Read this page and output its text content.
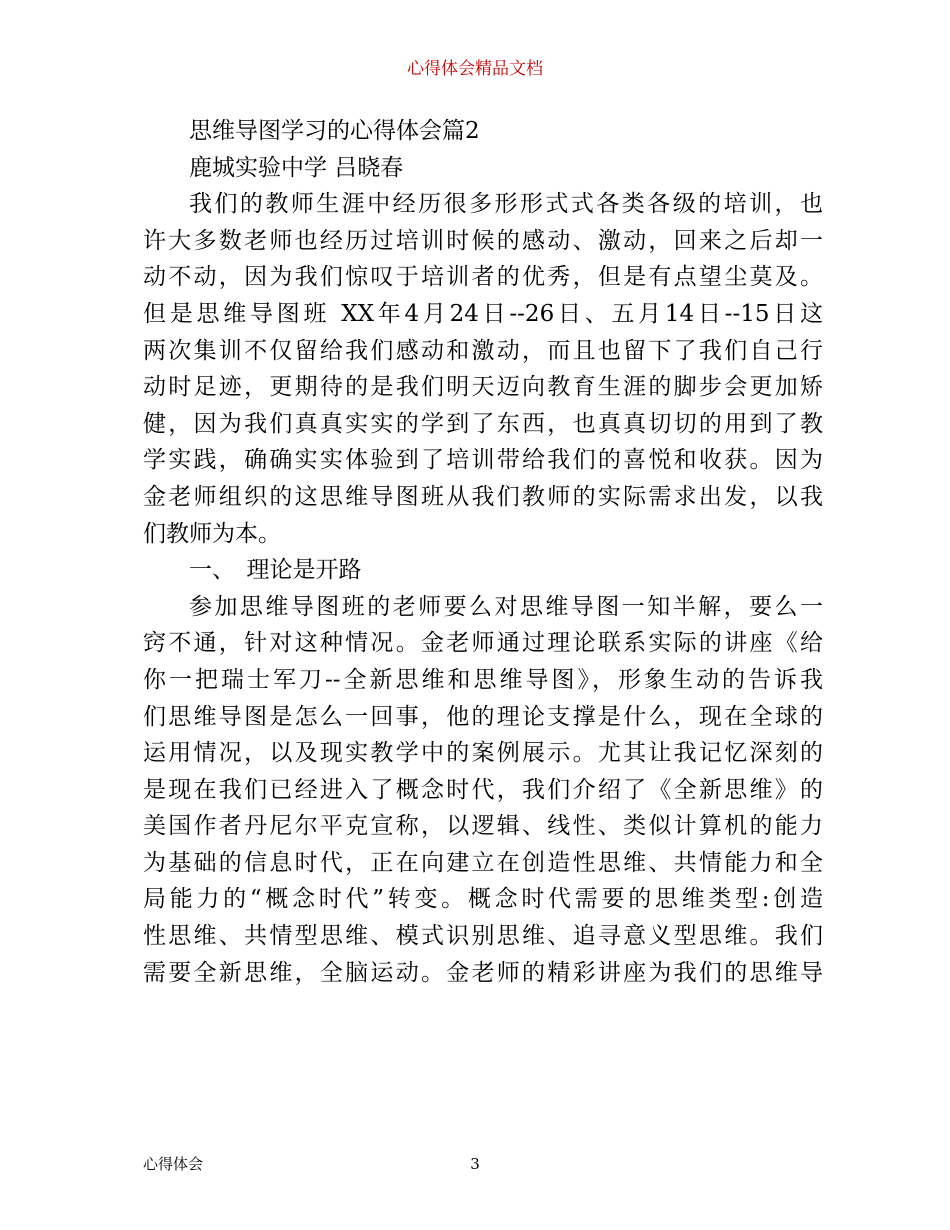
心得体会精品文档
思维导图学习的心得体会篇2
鹿城实验中学 吕晓春
我们的教师生涯中经历很多形形式式各类各级的培训，也
许大多数老师也经历过培训时候的感动、激动，回来之后却一
动不动，因为我们惊叹于培训者的优秀，但是有点望尘莫及。
但是思维导图班 XX年4月24日--26日、五月14日--15日这
两次集训不仅留给我们感动和激动，而且也留下了我们自己行
动时足迹，更期待的是我们明天迈向教育生涯的脚步会更加矫
健，因为我们真真实实的学到了东西，也真真切切的用到了教
学实践，确确实实体验到了培训带给我们的喜悦和收获。因为
金老师组织的这思维导图班从我们教师的实际需求出发，以我
们教师为本。
一、　理论是开路
参加思维导图班的老师要么对思维导图一知半解，要么一
窍不通，针对这种情况。金老师通过理论联系实际的讲座《给
你一把瑞士军刀--全新思维和思维导图》，形象生动的告诉我
们思维导图是怎么一回事，他的理论支撑是什么，现在全球的
运用情况，以及现实教学中的案例展示。尤其让我记忆深刻的
是现在我们已经进入了概念时代，我们介绍了《全新思维》的
美国作者丹尼尔平克宣称，以逻辑、线性、类似计算机的能力
为基础的信息时代，正在向建立在创造性思维、共情能力和全
局能力的“概念时代”转变。概念时代需要的思维类型:创造
性思维、共情型思维、模式识别思维、追寻意义型思维。我们
需要全新思维，全脑运动。金老师的精彩讲座为我们的思维导
心得体会	3
